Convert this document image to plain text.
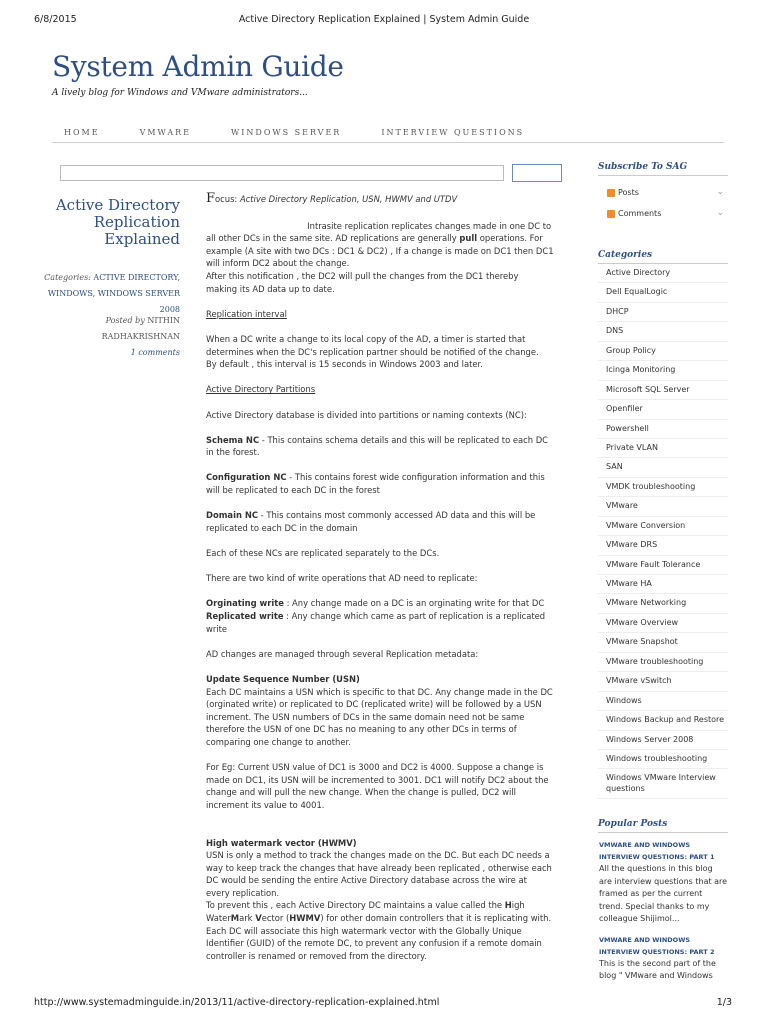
6/8/2015	Active Directory Replication Explained | System Admin Guide
System Admin Guide
A lively blog for Windows and VMware administrators...
HOME	VMWARE	WINDOWS SERVER	INTERVIEW QUESTIONS
Active Directory
Replication
Explained
Categories: ACTIVE DIRECTORY,
WINDOWS, WINDOWS SERVER
2008
Posted by NITHIN
RADHAKRISHNAN
1 comments

Focus: Active Directory Replication, USN, HWMV and UTDV

Intrasite replication replicates changes made in one DC to

all other DCs in the same site. AD replications are generally pull operations. For

example (A site with two DCs : DC1 & DC2) , If a change is made on DC1 then DC1

will inform DC2 about the change.

After this notification , the DC2 will pull the changes from the DC1 thereby

making its AD data up to date.

Replication interval

When a DC write a change to its local copy of the AD, a timer is started that

determines when the DC's replication partner should be notified of the change.

By default , this interval is 15 seconds in Windows 2003 and later.

Active Directory Partitions

Active Directory database is divided into partitions or naming contexts (NC):

Schema NC - This contains schema details and this will be replicated to each DC

in the forest.

Configuration NC - This contains forest wide configuration information and this

will be replicated to each DC in the forest

Domain NC - This contains most commonly accessed AD data and this will be

replicated to each DC in the domain

Each of these NCs are replicated separately to the DCs.

There are two kind of write operations that AD need to replicate:

Orginating write : Any change made on a DC is an orginating write for that DC

Replicated write : Any change which came as part of replication is a replicated

write

AD changes are managed through several Replication metadata:

Update Sequence Number (USN)

Each DC maintains a USN which is specific to that DC. Any change made in the DC

(orginated write) or replicated to DC (replicated write) will be followed by a USN

increment. The USN numbers of DCs in the same domain need not be same

therefore the USN of one DC has no meaning to any other DCs in terms of

comparing one change to another.

For Eg: Current USN value of DC1 is 3000 and DC2 is 4000. Suppose a change is

made on DC1, its USN will be incremented to 3001. DC1 will notify DC2 about the

change and will pull the new change. When the change is pulled, DC2 will

increment its value to 4001.

High watermark vector (HWMV)

USN is only a method to track the changes made on the DC. But each DC needs a

way to keep track the changes that have already been replicated , otherwise each

DC would be sending the entire Active Directory database across the wire at

every replication.

To prevent this , each Active Directory DC maintains a value called the High

WaterMark Vector (HWMV) for other domain controllers that it is replicating with.

Each DC will associate this high watermark vector with the Globally Unique

Identifier (GUID) of the remote DC, to prevent any confusion if a remote domain

controller is renamed or removed from the directory.

Subscribe To SAG
Posts	⌄
Comments	⌄
Categories
Active Directory
Dell EqualLogic
DHCP
DNS
Group Policy
Icinga Monitoring
Microsoft SQL Server
Openfiler
Powershell
Private VLAN
SAN
VMDK troubleshooting
VMware
VMware Conversion
VMware DRS
VMware Fault Tolerance
VMware HA
VMware Networking
VMware Overview
VMware Snapshot
VMware troubleshooting
VMware vSwitch
Windows
Windows Backup and Restore
Windows Server 2008
Windows troubleshooting
Windows VMware Interview questions
Popular Posts
VMWARE AND WINDOWS INTERVIEW QUESTIONS: PART 1
All the questions in this blog are interview questions that are framed as per the current trend. Special thanks to my colleague Shijimol...
VMWARE AND WINDOWS INTERVIEW QUESTIONS: PART 2
This is the second part of the blog " VMware and Windows
http://www.systemadminguide.in/2013/11/active-directory-replication-explained.html	1/3
